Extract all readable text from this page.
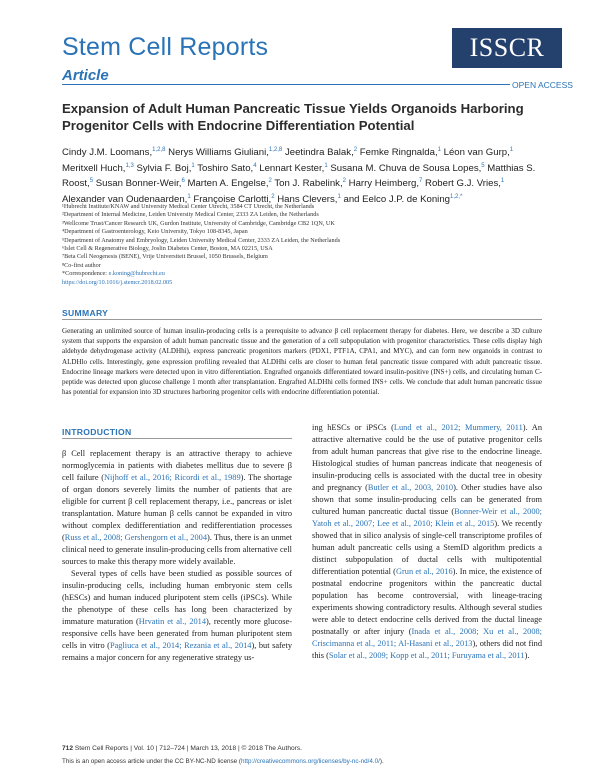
Stem Cell Reports
Article
ISSCR
OPEN ACCESS
Expansion of Adult Human Pancreatic Tissue Yields Organoids Harboring Progenitor Cells with Endocrine Differentiation Potential
Cindy J.M. Loomans,$^{1,2,8}$ Nerys Williams Giuliani,$^{1,2,8}$ Jeetindra Balak,$^2$ Femke Ringnalda,$^1$ Léon van Gurp,$^1$ Meritxell Huch,$^{1,3}$ Sylvia F. Boj,$^1$ Toshiro Sato,$^4$ Lennart Kester,$^1$ Susana M. Chuva de Sousa Lopes,$^5$ Matthias S. Roost,$^5$ Susan Bonner-Weir,$^6$ Marten A. Engelse,$^2$ Ton J. Rabelink,$^2$ Harry Heimberg,$^7$ Robert G.J. Vries,$^1$ Alexander van Oudenaarden,$^1$ Françoise Carlotti,$^2$ Hans Clevers,$^1$ and Eelco J.P. de Koning$^{1,2,*}$
¹Hubrecht Institute/KNAW and University Medical Center Utrecht, 3584 CT Utrecht, the Netherlands
²Department of Internal Medicine, Leiden University Medical Center, 2333 ZA Leiden, the Netherlands
³Wellcome Trust/Cancer Research UK, Gurdon Institute, University of Cambridge, Cambridge CB2 1QN, UK
⁴Department of Gastroenterology, Keio University, Tokyo 108-8345, Japan
⁵Department of Anatomy and Embryology, Leiden University Medical Center, 2333 ZA Leiden, the Netherlands
⁶Islet Cell & Regenerative Biology, Joslin Diabetes Center, Boston, MA 02215, USA
⁷Beta Cell Neogenesis (BENE), Vrije Universiteit Brussel, 1050 Brussels, Belgium
⁸Co-first author
*Correspondence: e.koning@hubrecht.eu
https://doi.org/10.1016/j.stemcr.2018.02.005
SUMMARY
Generating an unlimited source of human insulin-producing cells is a prerequisite to advance β cell replacement therapy for diabetes. Here, we describe a 3D culture system that supports the expansion of adult human pancreatic tissue and the generation of a cell subpopulation with progenitor characteristics. These cells display high aldehyde dehydrogenase activity (ALDHhi), express pancreatic progenitors markers (PDX1, PTF1A, CPA1, and MYC), and can form new organoids in contrast to ALDHlo cells. Interestingly, gene expression profiling revealed that ALDHhi cells are closer to human fetal pancreatic tissue compared with adult pancreatic tissue. Endocrine lineage markers were detected upon in vitro differentiation. Engrafted organoids differentiated toward insulin-positive (INS+) cells, and circulating human C-peptide was detected upon glucose challenge 1 month after transplantation. Engrafted ALDHhi cells formed INS+ cells. We conclude that adult human pancreatic tissue has potential for expansion into 3D structures harboring progenitor cells with endocrine differentiation potential.
INTRODUCTION

β Cell replacement therapy is an attractive therapy to achieve normoglycemia in patients with diabetes mellitus due to severe β cell failure (Nijhoff et al., 2016; Ricordi et al., 1989). The shortage of organ donors severely limits the number of patients that are eligible for current β cell replacement therapy, i.e., pancreas or islet transplantation. Mature human β cells cannot be expanded in vitro without complex dedifferentiation and redifferentiation processes (Russ et al., 2008; Gershengorn et al., 2004). Thus, there is an unmet clinical need to generate insulin-producing cells from alternative cell sources to make this therapy more widely available.

Several types of cells have been studied as possible sources of insulin-producing cells, including human embryonic stem cells (hESCs) and human induced pluripotent stem cells (iPSCs). While the phenotype of these cells has long been characterized by immature maturation (Hrvatin et al., 2014), recently more glucose-responsive cells have been generated from human pluripotent stem cells in vitro (Pagliuca et al., 2014; Rezania et al., 2014), but safety remains a major concern for any regenerative strategy us-

ing hESCs or iPSCs (Lund et al., 2012; Mummery, 2011). An attractive alternative could be the use of putative progenitor cells from adult human pancreas that give rise to the endocrine lineage. Histological studies of human pancreas indicate that neogenesis of insulin-producing cells is associated with the ductal tree in obesity and pregnancy (Butler et al., 2003, 2010). Other studies have also shown that some insulin-producing cells can be generated from cultured human pancreatic ductal tissue (Bonner-Weir et al., 2000; Yatoh et al., 2007; Lee et al., 2010; Klein et al., 2015). We recently showed that in silico analysis of single-cell transcriptome profiles of human adult pancreatic cells using a StemID algorithm predicts a distinct subpopulation of ductal cells with multipotential differentiation potential (Grun et al., 2016). In mice, the existence of postnatal endocrine progenitors within the pancreatic ductal population has become controversial, with lineage-tracing experiments showing contradictory results. Although several studies were able to detect endocrine cells derived from the ductal lineage postnatally or after injury (Inada et al., 2008; Xu et al., 2008; Criscimanna et al., 2011; Al-Hasani et al., 2013), others did not find this (Solar et al., 2009; Kopp et al., 2011; Furuyama et al., 2011).

712 Stem Cell Reports | Vol. 10 | 712–724 | March 13, 2018 | © 2018 The Authors.
This is an open access article under the CC BY-NC-ND license (http://creativecommons.org/licenses/by-nc-nd/4.0/).
